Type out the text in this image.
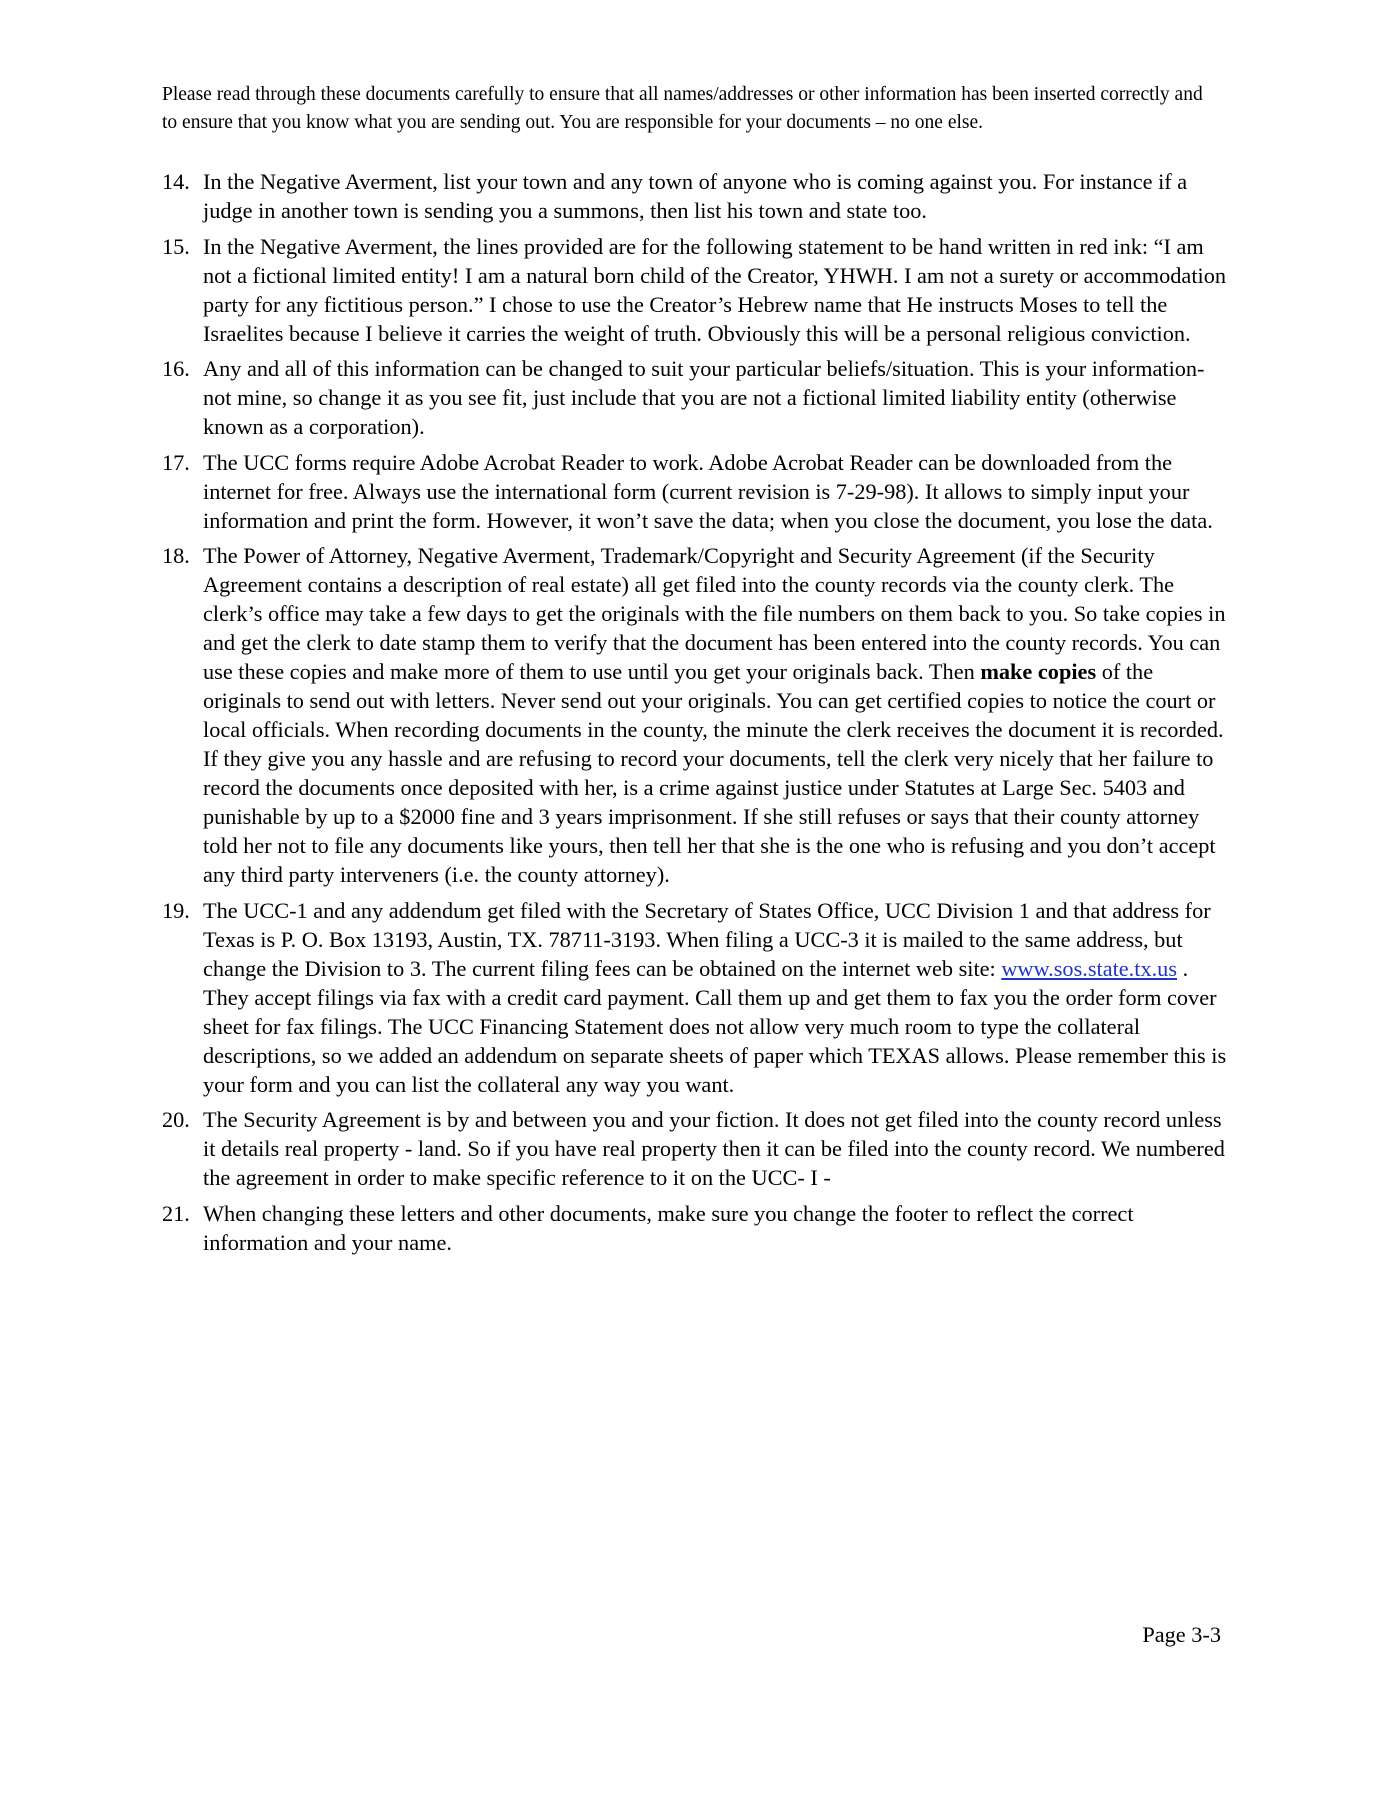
Please read through these documents carefully to ensure that all names/addresses or other information has been inserted correctly and to ensure that you know what you are sending out. You are responsible for your documents – no one else.

14. In the Negative Averment, list your town and any town of anyone who is coming against you. For instance if a judge in another town is sending you a summons, then list his town and state too.
15. In the Negative Averment, the lines provided are for the following statement to be hand written in red ink: “I am not a fictional limited entity! I am a natural born child of the Creator, YHWH. I am not a surety or accommodation party for any fictitious person.” I chose to use the Creator’s Hebrew name that He instructs Moses to tell the Israelites because I believe it carries the weight of truth. Obviously this will be a personal religious conviction.
16. Any and all of this information can be changed to suit your particular beliefs/situation. This is your information-not mine, so change it as you see fit, just include that you are not a fictional limited liability entity (otherwise known as a corporation).
17. The UCC forms require Adobe Acrobat Reader to work. Adobe Acrobat Reader can be downloaded from the internet for free. Always use the international form (current revision is 7-29-98). It allows to simply input your information and print the form. However, it won’t save the data; when you close the document, you lose the data.
18. The Power of Attorney, Negative Averment, Trademark/Copyright and Security Agreement (if the Security Agreement contains a description of real estate) all get filed into the county records via the county clerk. The clerk’s office may take a few days to get the originals with the file numbers on them back to you. So take copies in and get the clerk to date stamp them to verify that the document has been entered into the county records. You can use these copies and make more of them to use until you get your originals back. Then make copies of the originals to send out with letters. Never send out your originals. You can get certified copies to notice the court or local officials. When recording documents in the county, the minute the clerk receives the document it is recorded. If they give you any hassle and are refusing to record your documents, tell the clerk very nicely that her failure to record the documents once deposited with her, is a crime against justice under Statutes at Large Sec. 5403 and punishable by up to a $2000 fine and 3 years imprisonment. If she still refuses or says that their county attorney told her not to file any documents like yours, then tell her that she is the one who is refusing and you don’t accept any third party interveners (i.e. the county attorney).
19. The UCC-1 and any addendum get filed with the Secretary of States Office, UCC Division 1 and that address for Texas is P. O. Box 13193, Austin, TX. 78711-3193. When filing a UCC-3 it is mailed to the same address, but change the Division to 3. The current filing fees can be obtained on the internet web site: www.sos.state.tx.us . They accept filings via fax with a credit card payment. Call them up and get them to fax you the order form cover sheet for fax filings. The UCC Financing Statement does not allow very much room to type the collateral descriptions, so we added an addendum on separate sheets of paper which TEXAS allows. Please remember this is your form and you can list the collateral any way you want.
20. The Security Agreement is by and between you and your fiction. It does not get filed into the county record unless it details real property - land. So if you have real property then it can be filed into the county record. We numbered the agreement in order to make specific reference to it on the UCC- I -
21. When changing these letters and other documents, make sure you change the footer to reflect the correct information and your name.

Page 3-3
